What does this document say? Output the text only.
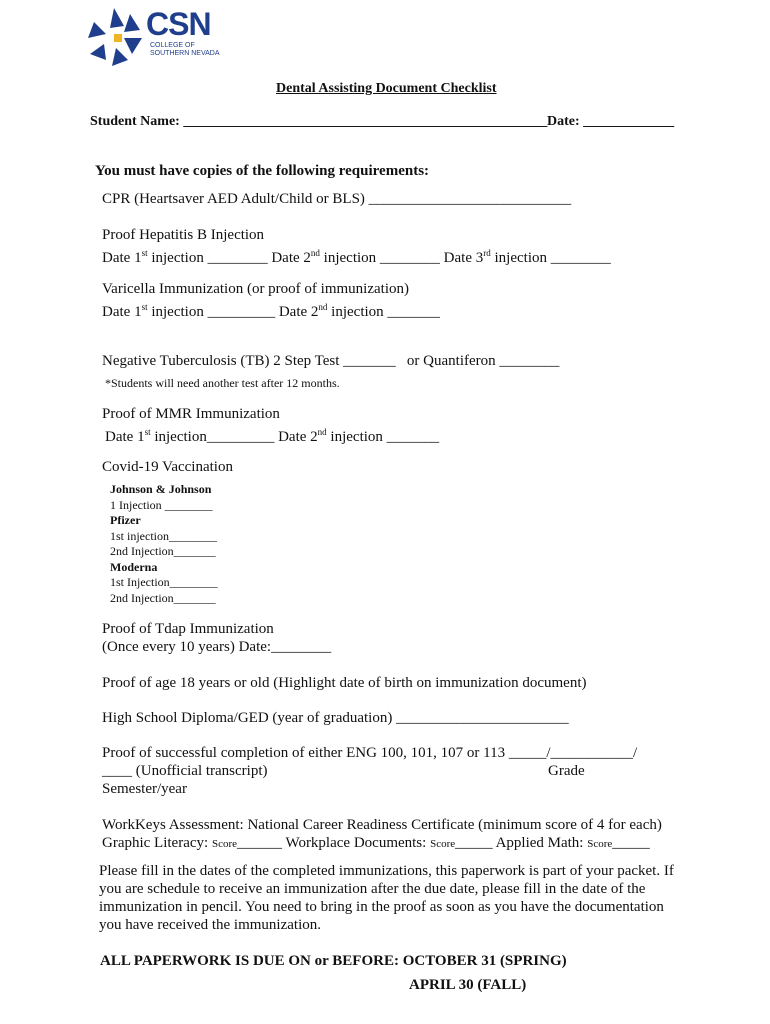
CSN
COLLEGE OF
SOUTHERN NEVADA
Dental Assisting Document Checklist
Student Name: ____________________________________________________ Date: _____________
You must have copies of the following requirements:
CPR (Heartsaver AED Adult/Child or BLS) ___________________________
Proof Hepatitis B Injection
Date 1st injection ________ Date 2nd injection ________ Date 3rd injection ________
Varicella Immunization (or proof of immunization)
Date 1st injection _________ Date 2nd injection _______
Negative Tuberculosis (TB) 2 Step Test _______ or Quantiferon ________
*Students will need another test after 12 months.
Proof of MMR Immunization
Date 1st injection_________ Date 2nd injection _______
Covid-19 Vaccination
Johnson & Johnson
1 Injection ________
Pfizer
1st injection________
2nd Injection_______
Moderna
1st Injection________
2nd Injection_______
Proof of Tdap Immunization
(Once every 10 years) Date:________
Proof of age 18 years or old (Highlight date of birth on immunization document)
High School Diploma/GED (year of graduation) _______________________
Proof of successful completion of either ENG 100, 101, 107 or 113 _____/___________/
____ (Unofficial transcript)	Grade
Semester/year
WorkKeys Assessment: National Career Readiness Certificate (minimum score of 4 for each)
Graphic Literacy: Score______ Workplace Documents: Score_____ Applied Math: Score_____
Please fill in the dates of the completed immunizations, this paperwork is part of your packet. If you are schedule to receive an immunization after the due date, please fill in the date of the immunization in pencil. You need to bring in the proof as soon as you have the documentation you have received the immunization.
ALL PAPERWORK IS DUE ON or BEFORE: OCTOBER 31 (SPRING)
APRIL 30 (FALL)
